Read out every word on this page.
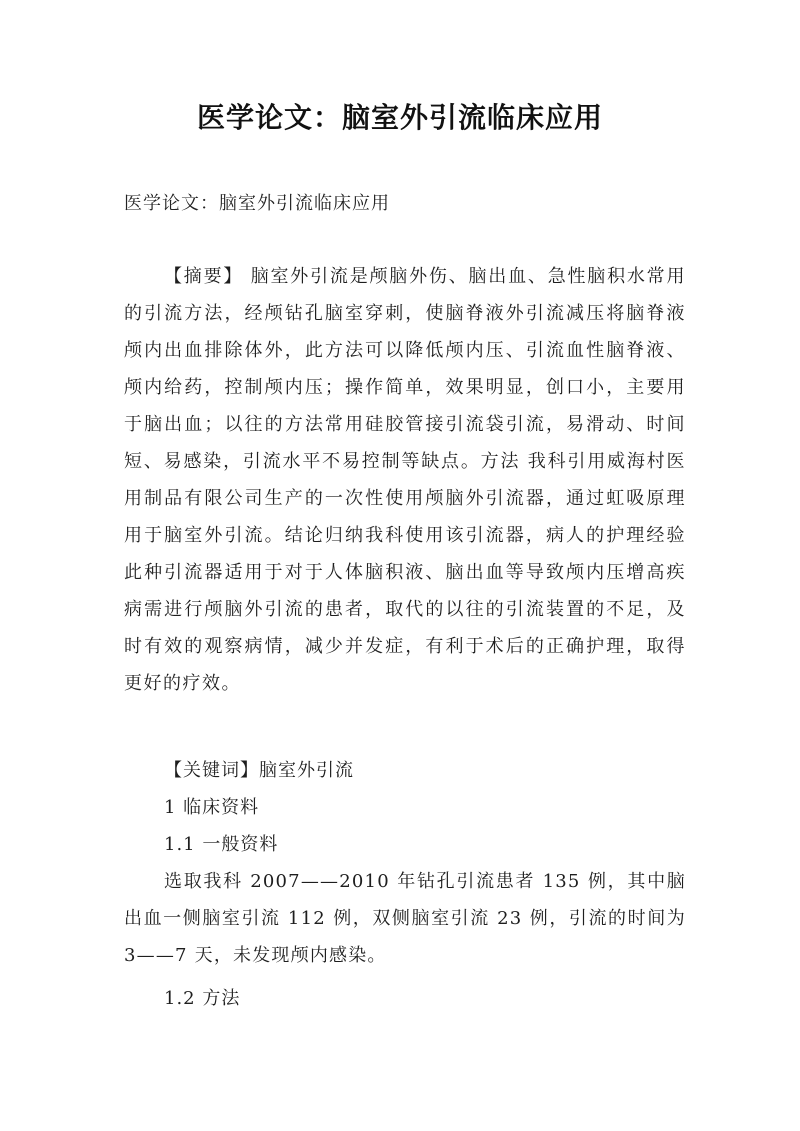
医学论文：脑室外引流临床应用
医学论文：脑室外引流临床应用

【摘要】 脑室外引流是颅脑外伤、脑出血、急性脑积水常用的引流方法，经颅钻孔脑室穿刺，使脑脊液外引流减压将脑脊液颅内出血排除体外，此方法可以降低颅内压、引流血性脑脊液、颅内给药，控制颅内压；操作简单，效果明显，创口小，主要用于脑出血；以往的方法常用硅胶管接引流袋引流，易滑动、时间短、易感染，引流水平不易控制等缺点。方法 我科引用威海村医用制品有限公司生产的一次性使用颅脑外引流器，通过虹吸原理用于脑室外引流。结论归纳我科使用该引流器，病人的护理经验此种引流器适用于对于人体脑积液、脑出血等导致颅内压增高疾病需进行颅脑外引流的患者，取代的以往的引流装置的不足，及时有效的观察病情，减少并发症，有利于术后的正确护理，取得更好的疗效。

【关键词】脑室外引流

1 临床资料

1.1 一般资料

选取我科 2007——2010 年钻孔引流患者 135 例，其中脑出血一侧脑室引流 112 例，双侧脑室引流 23 例，引流的时间为 3——7 天，未发现颅内感染。

1.2 方法
